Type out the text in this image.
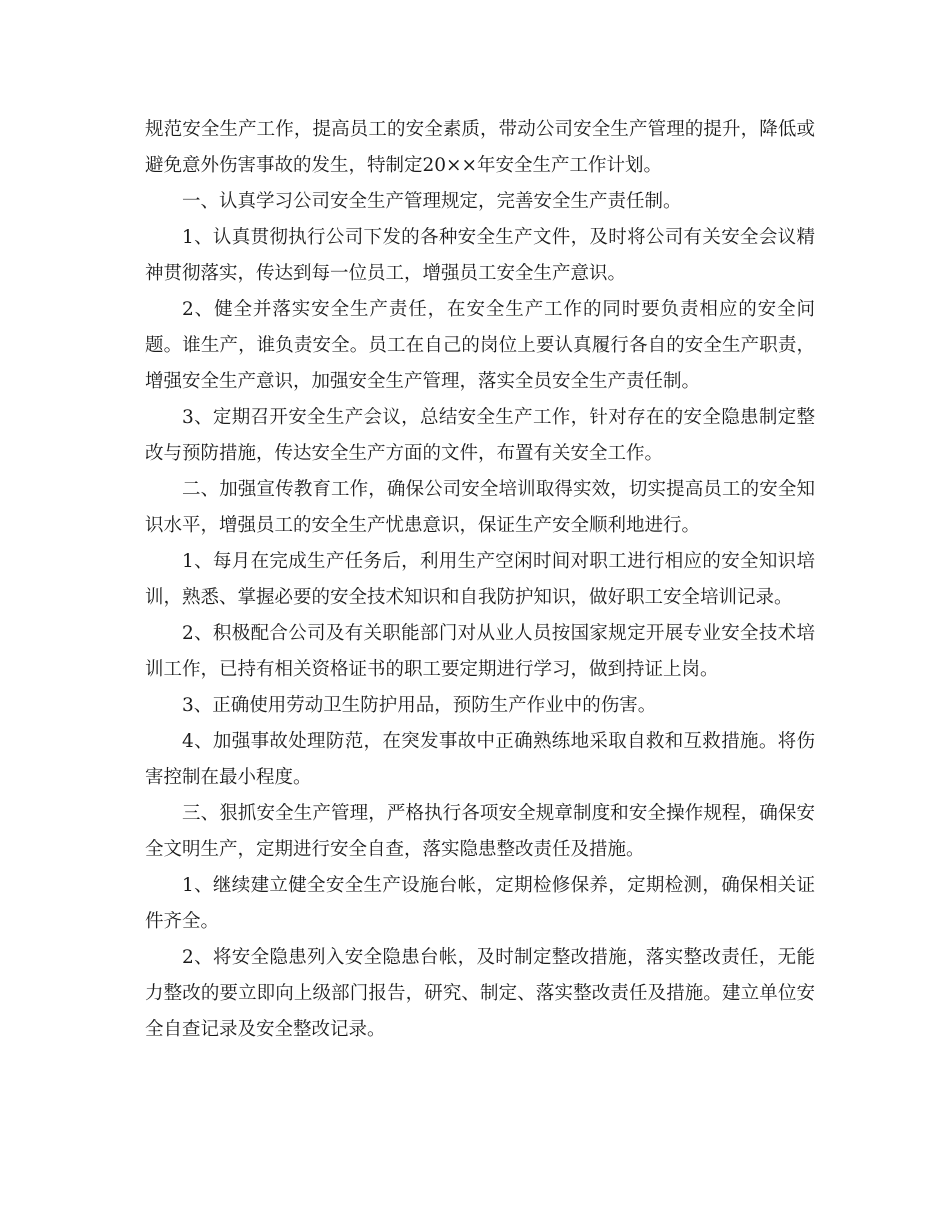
规范安全生产工作，提高员工的安全素质，带动公司安全生产管理的提升，降低或避免意外伤害事故的发生，特制定20××年安全生产工作计划。

一、认真学习公司安全生产管理规定，完善安全生产责任制。

1、认真贯彻执行公司下发的各种安全生产文件，及时将公司有关安全会议精神贯彻落实，传达到每一位员工，增强员工安全生产意识。

2、健全并落实安全生产责任，在安全生产工作的同时要负责相应的安全问题。谁生产，谁负责安全。员工在自己的岗位上要认真履行各自的安全生产职责，增强安全生产意识，加强安全生产管理，落实全员安全生产责任制。

3、定期召开安全生产会议，总结安全生产工作，针对存在的安全隐患制定整改与预防措施，传达安全生产方面的文件，布置有关安全工作。

二、加强宣传教育工作，确保公司安全培训取得实效，切实提高员工的安全知识水平，增强员工的安全生产忧患意识，保证生产安全顺利地进行。

1、每月在完成生产任务后，利用生产空闲时间对职工进行相应的安全知识培训，熟悉、掌握必要的安全技术知识和自我防护知识，做好职工安全培训记录。

2、积极配合公司及有关职能部门对从业人员按国家规定开展专业安全技术培训工作，已持有相关资格证书的职工要定期进行学习，做到持证上岗。

3、正确使用劳动卫生防护用品，预防生产作业中的伤害。

4、加强事故处理防范，在突发事故中正确熟练地采取自救和互救措施。将伤害控制在最小程度。

三、狠抓安全生产管理，严格执行各项安全规章制度和安全操作规程，确保安全文明生产，定期进行安全自查，落实隐患整改责任及措施。

1、继续建立健全安全生产设施台帐，定期检修保养，定期检测，确保相关证件齐全。

2、将安全隐患列入安全隐患台帐，及时制定整改措施，落实整改责任，无能力整改的要立即向上级部门报告，研究、制定、落实整改责任及措施。建立单位安全自查记录及安全整改记录。
